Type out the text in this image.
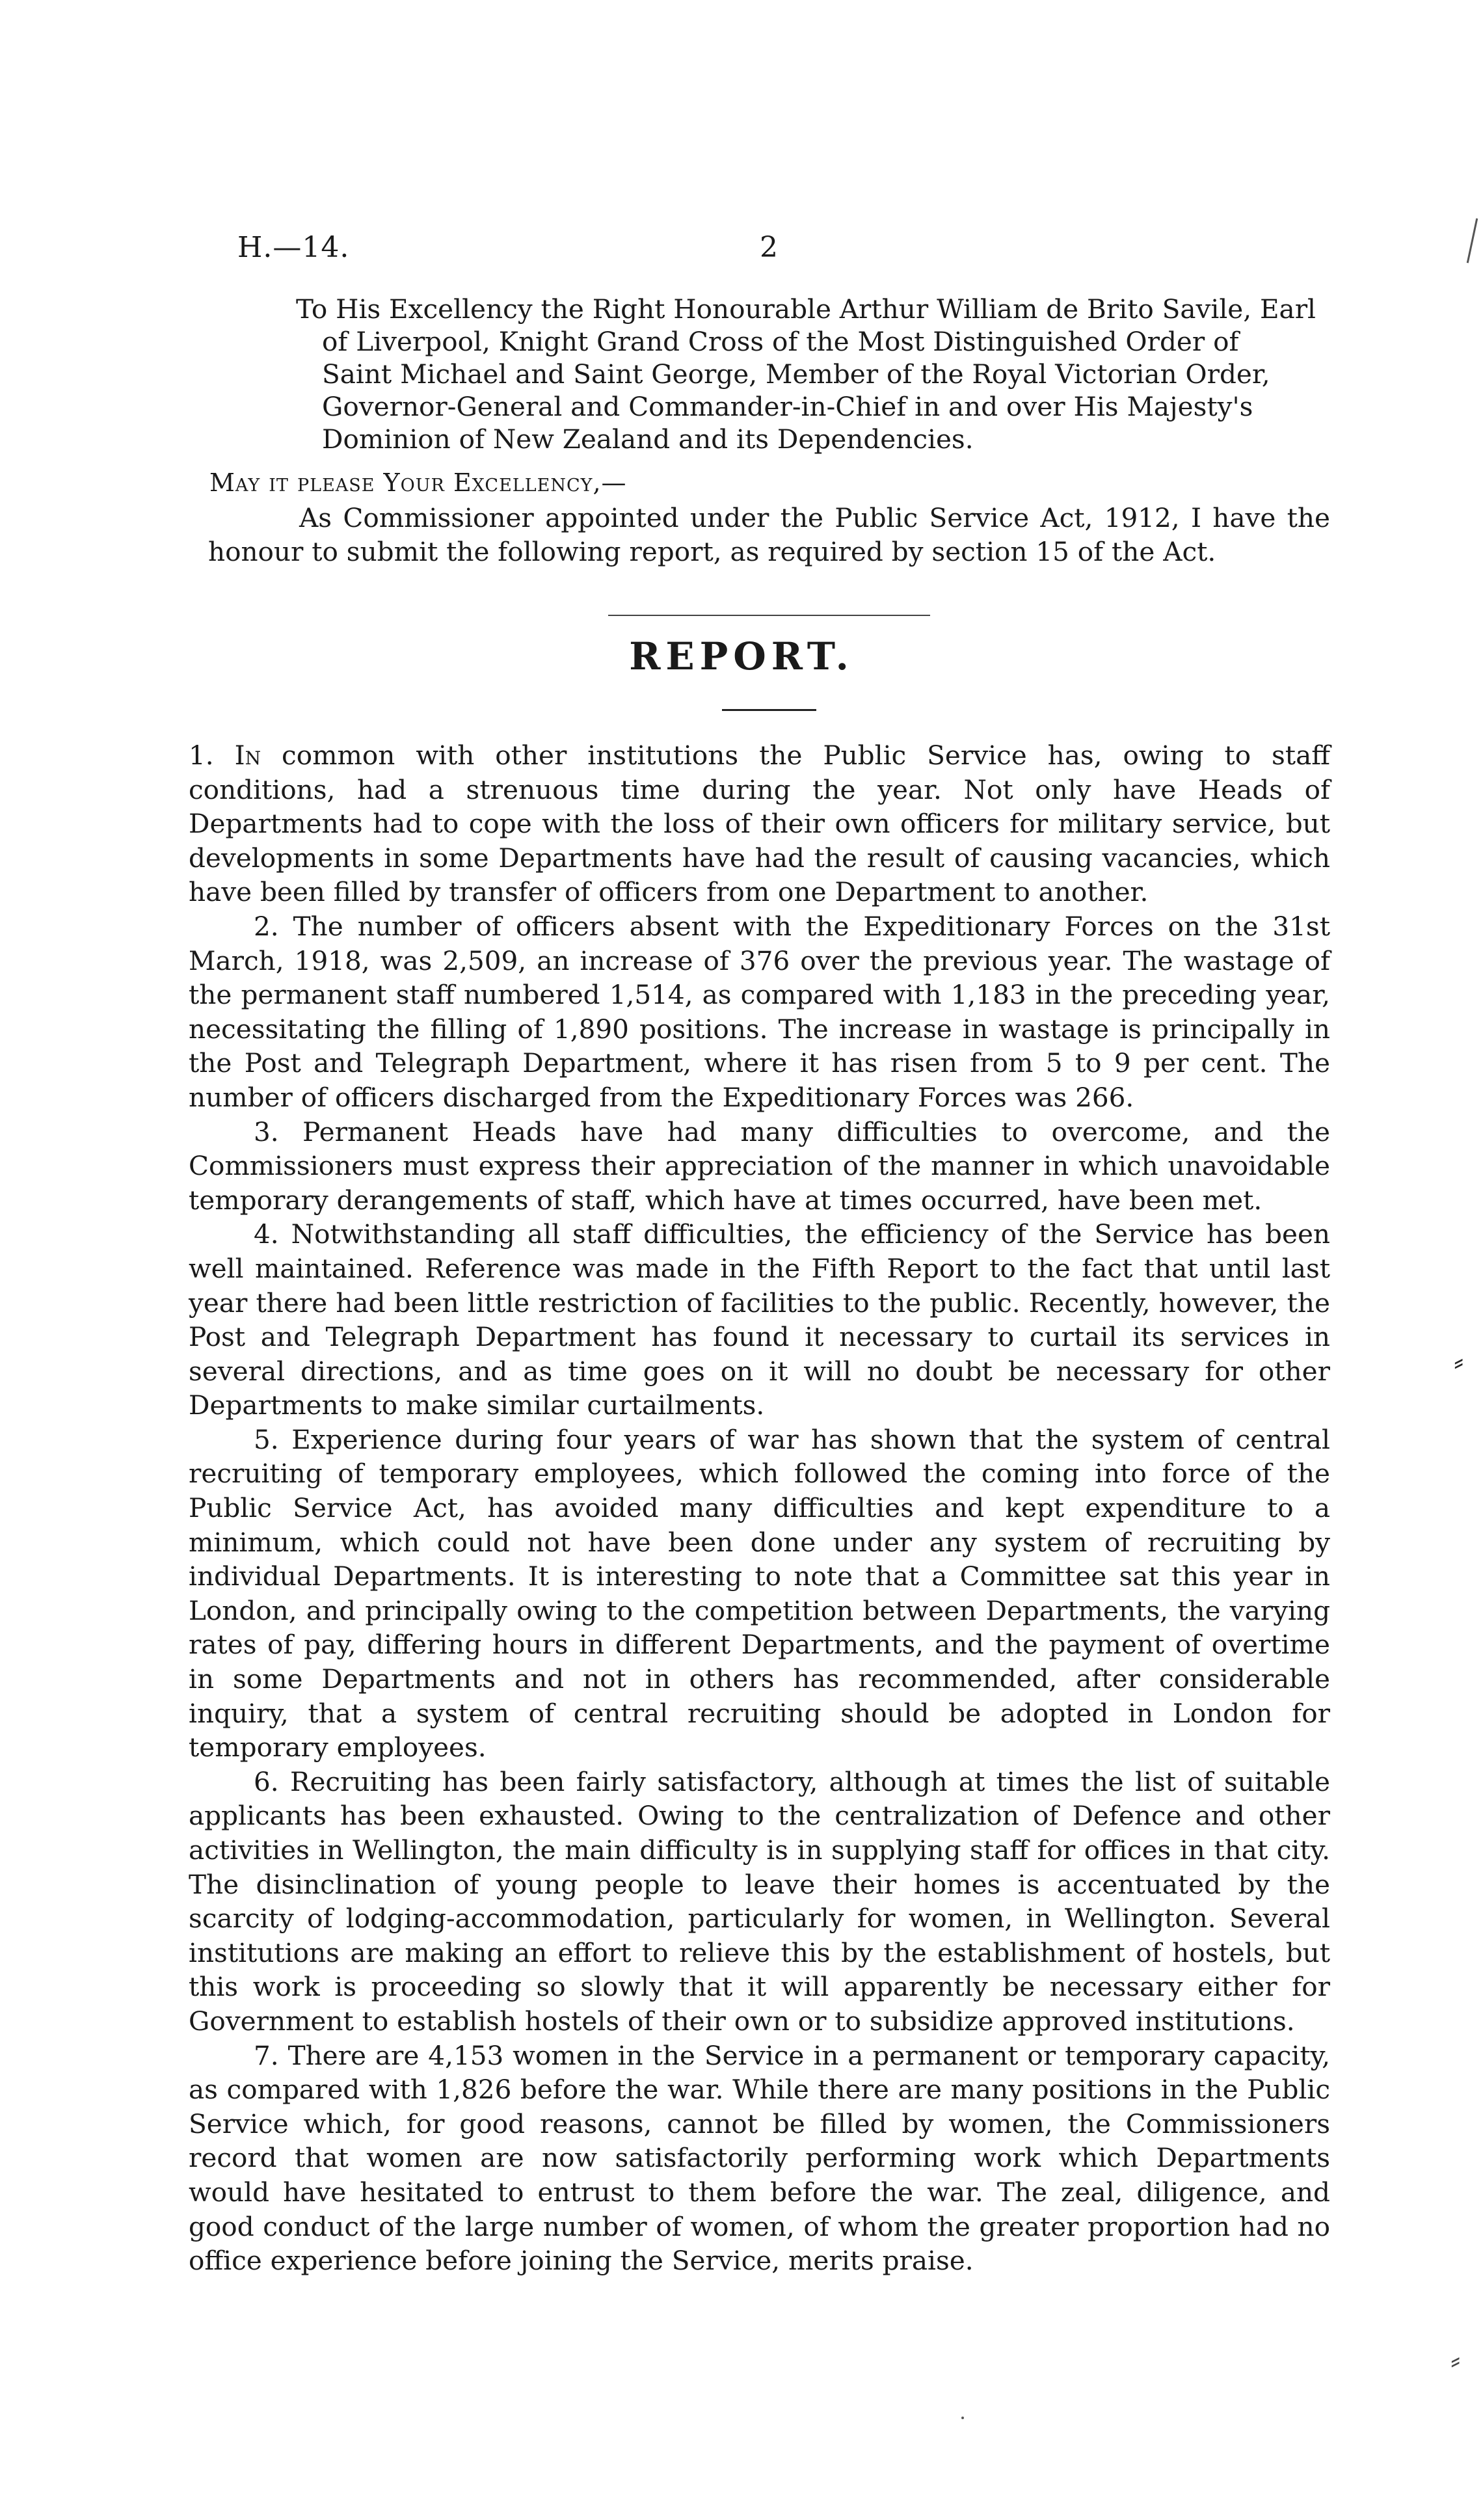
H.—14.	2
To His Excellency the Right Honourable Arthur William de Brito Savile, Earl
of Liverpool, Knight Grand Cross of the Most Distinguished Order of
Saint Michael and Saint George, Member of the Royal Victorian Order,
Governor-General and Commander-in-Chief in and over His Majesty's
Dominion of New Zealand and its Dependencies.
May it please Your Excellency,—
As Commissioner appointed under the Public Service Act, 1912, I have the honour to submit the following report, as required by section 15 of the Act.
REPORT.

1. In common with other institutions the Public Service has, owing to staff conditions, had a strenuous time during the year. Not only have Heads of Departments had to cope with the loss of their own officers for military service, but developments in some Departments have had the result of causing vacancies, which have been filled by transfer of officers from one Department to another.

2. The number of officers absent with the Expeditionary Forces on the 31st March, 1918, was 2,509, an increase of 376 over the previous year. The wastage of the permanent staff numbered 1,514, as compared with 1,183 in the preceding year, necessitating the filling of 1,890 positions. The increase in wastage is principally in the Post and Telegraph Department, where it has risen from 5 to 9 per cent. The number of officers discharged from the Expeditionary Forces was 266.

3. Permanent Heads have had many difficulties to overcome, and the Commissioners must express their appreciation of the manner in which unavoidable temporary derangements of staff, which have at times occurred, have been met.

4. Notwithstanding all staff difficulties, the efficiency of the Service has been well maintained. Reference was made in the Fifth Report to the fact that until last year there had been little restriction of facilities to the public. Recently, however, the Post and Telegraph Department has found it necessary to curtail its services in several directions, and as time goes on it will no doubt be necessary for other Departments to make similar curtailments.

5. Experience during four years of war has shown that the system of central recruiting of temporary employees, which followed the coming into force of the Public Service Act, has avoided many difficulties and kept expenditure to a minimum, which could not have been done under any system of recruiting by individual Departments. It is interesting to note that a Committee sat this year in London, and principally owing to the competition between Departments, the varying rates of pay, differing hours in different Departments, and the payment of overtime in some Departments and not in others has recommended, after considerable inquiry, that a system of central recruiting should be adopted in London for temporary employees.

6. Recruiting has been fairly satisfactory, although at times the list of suitable applicants has been exhausted. Owing to the centralization of Defence and other activities in Wellington, the main difficulty is in supplying staff for offices in that city. The disinclination of young people to leave their homes is accentuated by the scarcity of lodging-accommodation, particularly for women, in Wellington. Several institutions are making an effort to relieve this by the establishment of hostels, but this work is proceeding so slowly that it will apparently be necessary either for Government to establish hostels of their own or to subsidize approved institutions.

7. There are 4,153 women in the Service in a permanent or temporary capacity, as compared with 1,826 before the war. While there are many positions in the Public Service which, for good reasons, cannot be filled by women, the Commissioners record that women are now satisfactorily performing work which Departments would have hesitated to entrust to them before the war. The zeal, diligence, and good conduct of the large number of women, of whom the greater proportion had no office experience before joining the Service, merits praise.

⸗
⸗
